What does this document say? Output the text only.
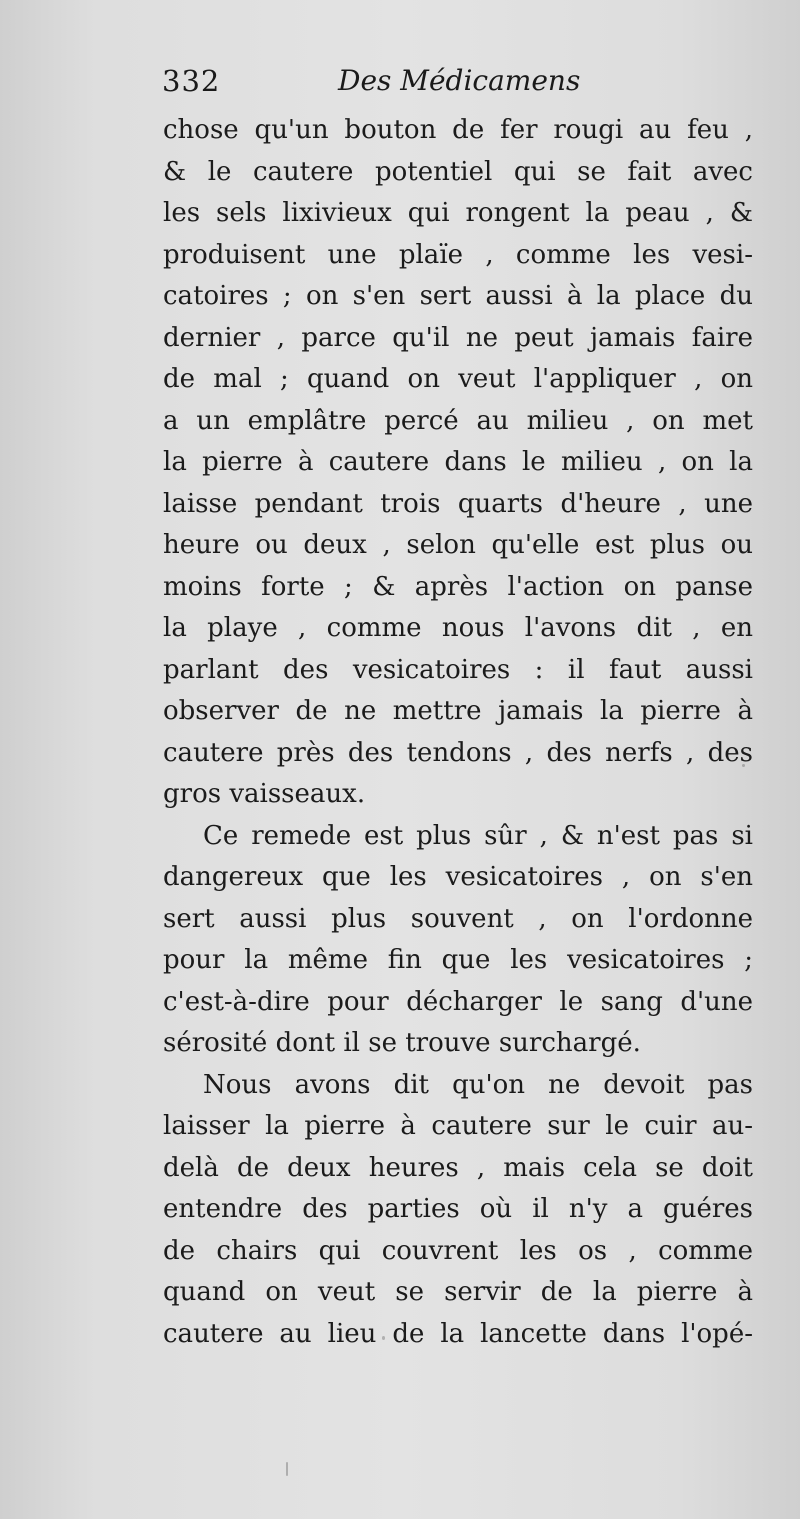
332	Des Médicamens
chose qu'un bouton de fer rougi au feu ,
& le cautere potentiel qui se fait avec
les sels lixivieux qui rongent la peau , &
produisent une plaïe , comme les vesi-
catoires ; on s'en sert aussi à la place du
dernier , parce qu'il ne peut jamais faire
de mal ; quand on veut l'appliquer , on
a un emplâtre percé au milieu , on met
la pierre à cautere dans le milieu , on la
laisse pendant trois quarts d'heure , une
heure ou deux , selon qu'elle est plus ou
moins forte ; & après l'action on panse
la playe , comme nous l'avons dit , en
parlant des vesicatoires : il faut aussi
observer de ne mettre jamais la pierre à
cautere près des tendons , des nerfs , des
gros vaisseaux.
Ce remede est plus sûr , & n'est pas si
dangereux que les vesicatoires , on s'en
sert aussi plus souvent , on l'ordonne
pour la même fin que les vesicatoires ;
c'est-à-dire pour décharger le sang d'une
sérosité dont il se trouve surchargé.
Nous avons dit qu'on ne devoit pas
laisser la pierre à cautere sur le cuir au-
delà de deux heures , mais cela se doit
entendre des parties où il n'y a guéres
de chairs qui couvrent les os , comme
quand on veut se servir de la pierre à
cautere au lieu de la lancette dans l'opé-
